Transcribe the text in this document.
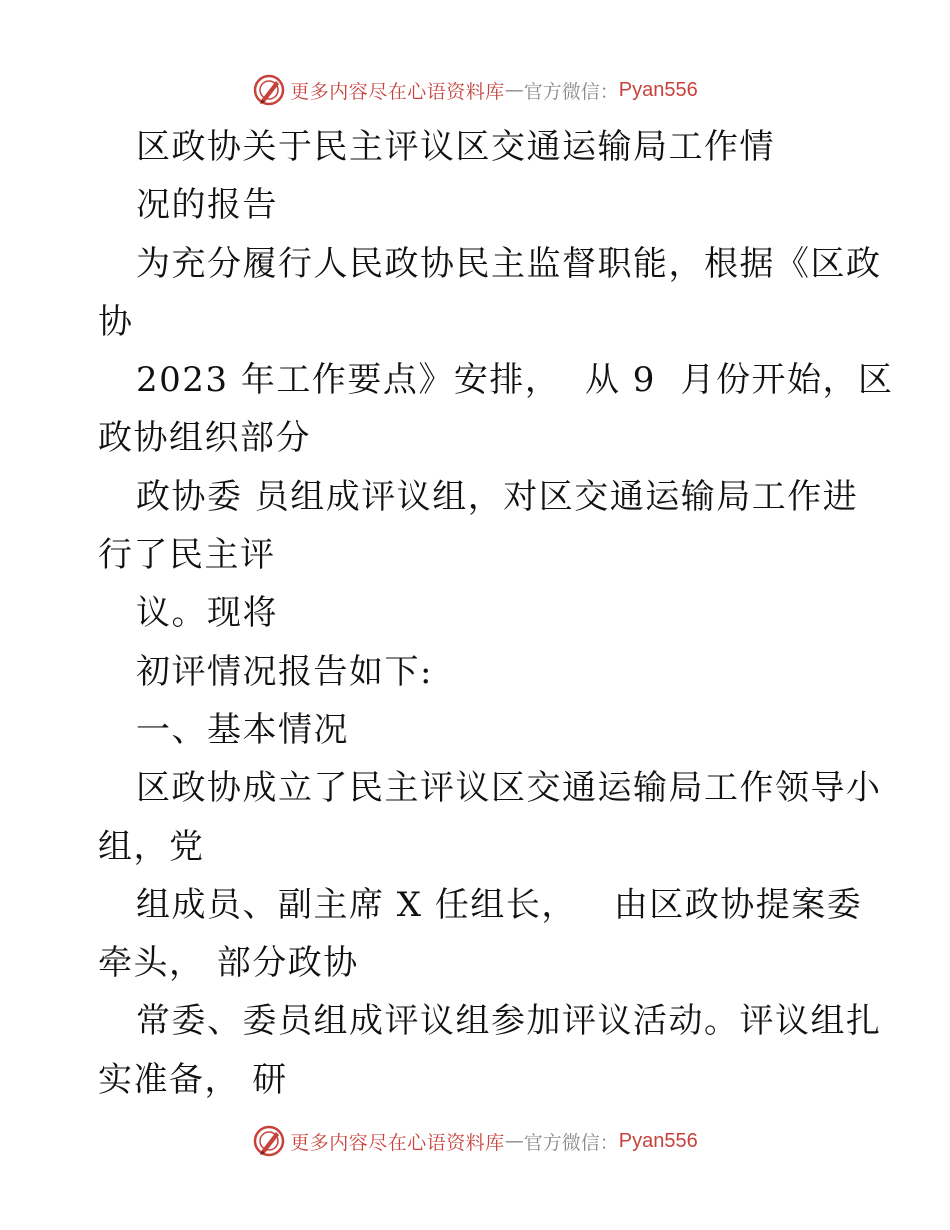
更多内容尽在心语资料库 — 官方微信： Pyan556
区政协关于民主评议区交通运输局工作情
况的报告
为充分履行人民政协民主监督职能，根据《区政
协
2023 年工作要点》安排，  从 9  月份开始，区
政协组织部分
政协委 员组成评议组，对区交通运输局工作进
行了民主评
议。现将
初评情况报告如下:
一、基本情况
区政协成立了民主评议区交通运输局工作领导小
组，党
组成员、副主席 X 任组长，   由区政协提案委
牵头， 部分政协
常委、委员组成评议组参加评议活动。评议组扎
实准备， 研
更多内容尽在心语资料库 — 官方微信： Pyan556
